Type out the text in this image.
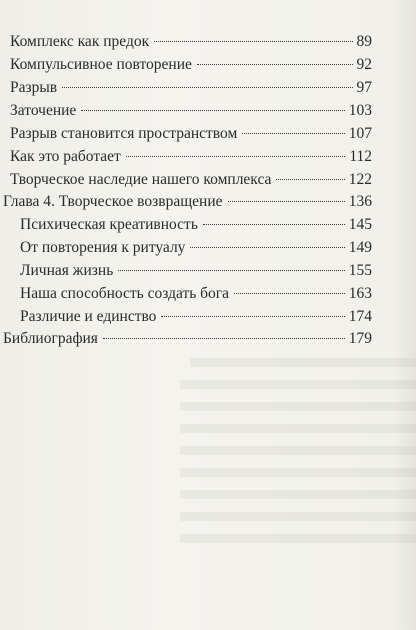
Комплекс как предок	89
Компульсивное повторение	92
Разрыв	97
Заточение	103
Разрыв становится пространством	107
Как это работает	112
Творческое наследие нашего комплекса	122
Глава 4. Творческое возвращение	136
Психическая креативность	145
От повторения к ритуалу	149
Личная жизнь	155
Наша способность создать бога	163
Различие и единство	174
Библиография	179
